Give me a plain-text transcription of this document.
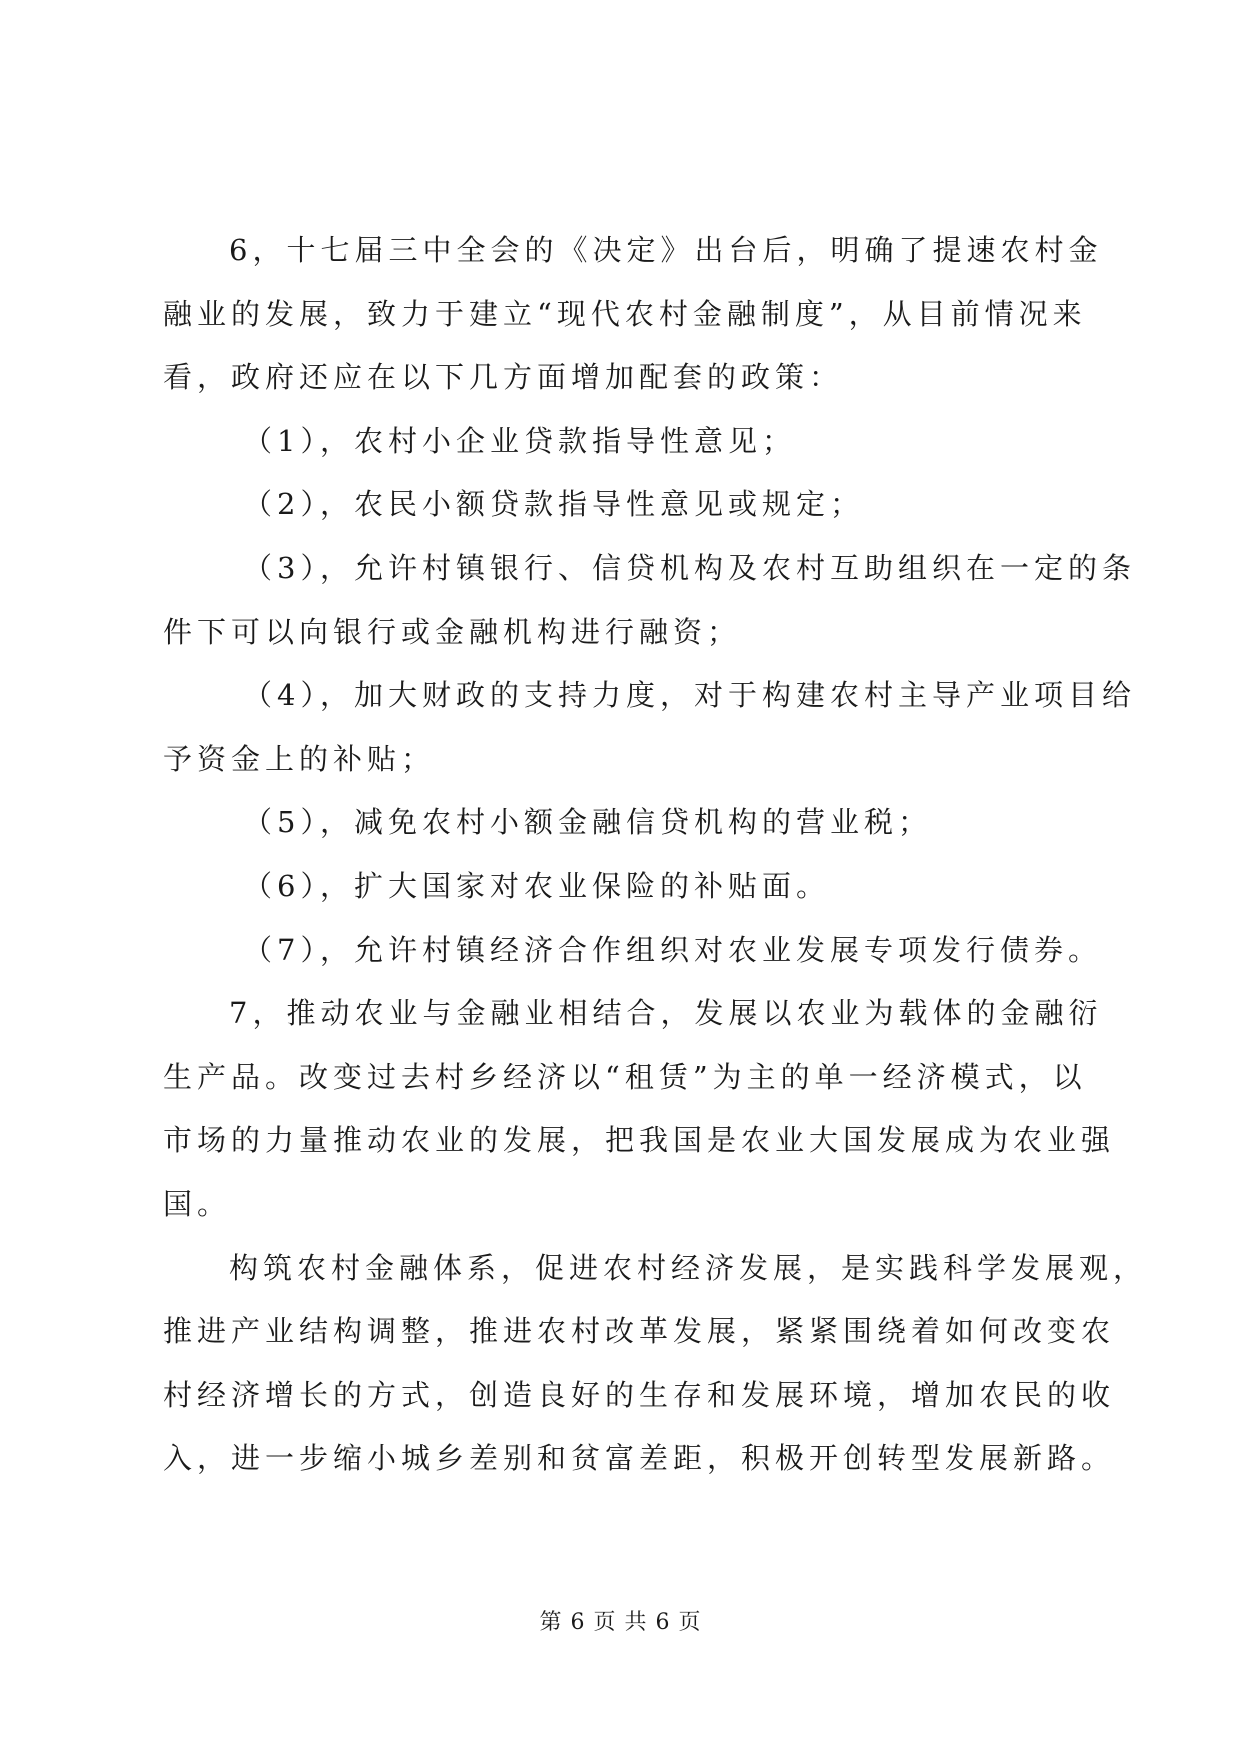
6，十七届三中全会的《决定》出台后，明确了提速农村金
融业的发展，致力于建立“现代农村金融制度”，从目前情况来
看，政府还应在以下几方面增加配套的政策：
（1），农村小企业贷款指导性意见；
（2），农民小额贷款指导性意见或规定；
（3），允许村镇银行、信贷机构及农村互助组织在一定的条
件下可以向银行或金融机构进行融资；
（4），加大财政的支持力度，对于构建农村主导产业项目给
予资金上的补贴；
（5），减免农村小额金融信贷机构的营业税；
（6），扩大国家对农业保险的补贴面。
（7），允许村镇经济合作组织对农业发展专项发行债券。
7，推动农业与金融业相结合，发展以农业为载体的金融衍
生产品。改变过去村乡经济以“租赁”为主的单一经济模式，以
市场的力量推动农业的发展，把我国是农业大国发展成为农业强
国。
构筑农村金融体系，促进农村经济发展，是实践科学发展观，
推进产业结构调整，推进农村改革发展，紧紧围绕着如何改变农
村经济增长的方式，创造良好的生存和发展环境，增加农民的收
入，进一步缩小城乡差别和贫富差距，积极开创转型发展新路。
第 6 页 共 6 页
